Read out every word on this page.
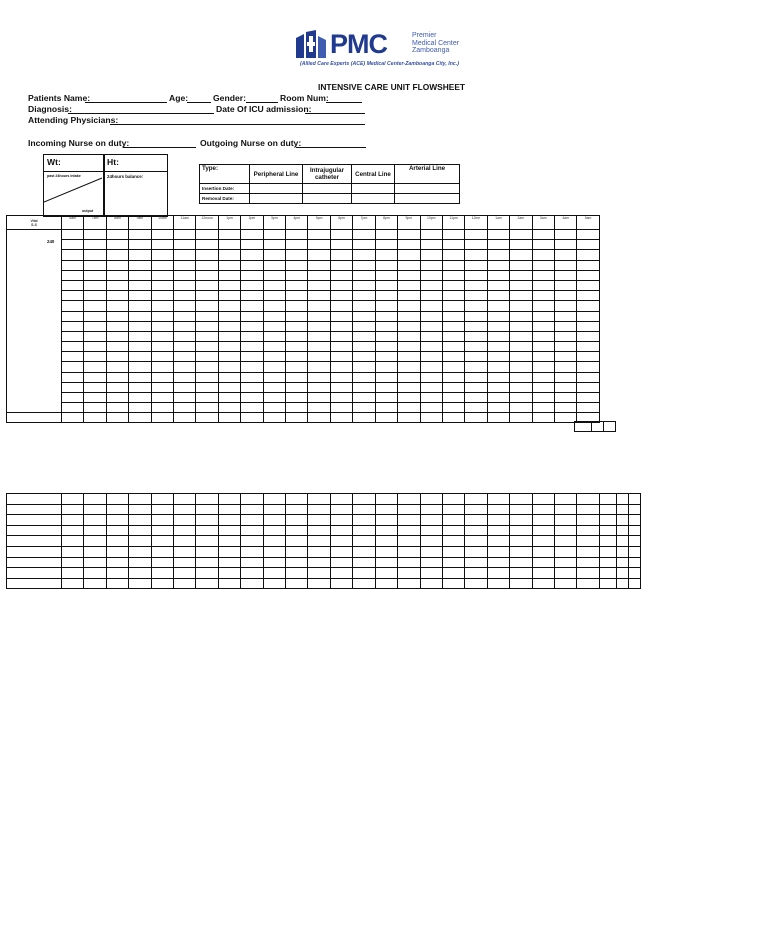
PMC	Premier
Medical Center
Zamboanga
(Allied Care Experts (ACE) Medical Center-Zamboanga City, Inc.)
INTENSIVE CARE UNIT FLOWSHEET
Patients Name:	Age:	Gender:	Room Num:
Diagnosis:	Date Of ICU admission:
Attending Physicians:
Incoming Nurse on duty:	Outgoing Nurse on duty:
Wt:	Ht:
past 24hours intake
output
24hours balance:
Type:	Peripheral Line	Intrajugular catheter	Central Line	Arterial Line
Insertion Date:				
Removal Date:				
Vital
S-S	6am	7am	8am	9am	10am	11am	12noon	1pm	2pm	3pm	4pm	5pm	6pm	7pm	8pm	9pm	10pm	11pm	12mn	1am	2am	3am	4am	5am

240																								
